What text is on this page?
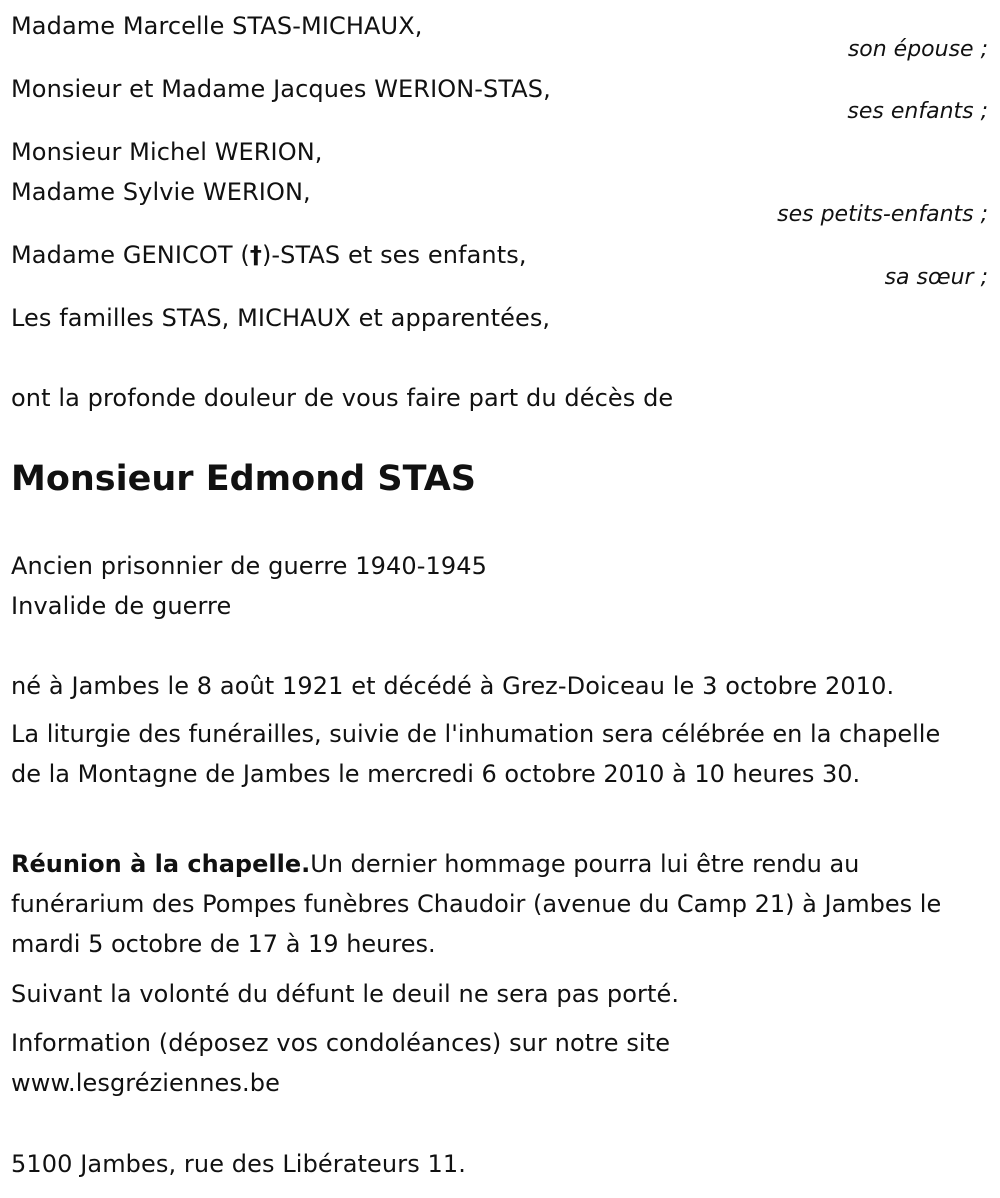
Madame Marcelle STAS-MICHAUX,
son épouse ;
Monsieur et Madame Jacques WERION-STAS,
ses enfants ;
Monsieur Michel WERION,
Madame Sylvie WERION,
ses petits-enfants ;
Madame GENICOT (†)-STAS et ses enfants,
sa sœur ;
Les familles STAS, MICHAUX et apparentées,
ont la profonde douleur de vous faire part du décès de
Monsieur Edmond STAS
Ancien prisonnier de guerre 1940-1945
Invalide de guerre
né à Jambes le 8 août 1921 et décédé à Grez-Doiceau le 3 octobre 2010.
La liturgie des funérailles, suivie de l'inhumation sera célébrée en la chapelle de la Montagne de Jambes le mercredi 6 octobre 2010 à 10 heures 30.
Réunion à la chapelle.Un dernier hommage pourra lui être rendu au funérarium des Pompes funèbres Chaudoir (avenue du Camp 21) à Jambes le mardi 5 octobre de 17 à 19 heures.
Suivant la volonté du défunt le deuil ne sera pas porté.
Information (déposez vos condoléances) sur notre site
www.lesgréziennes.be
5100 Jambes, rue des Libérateurs 11.
